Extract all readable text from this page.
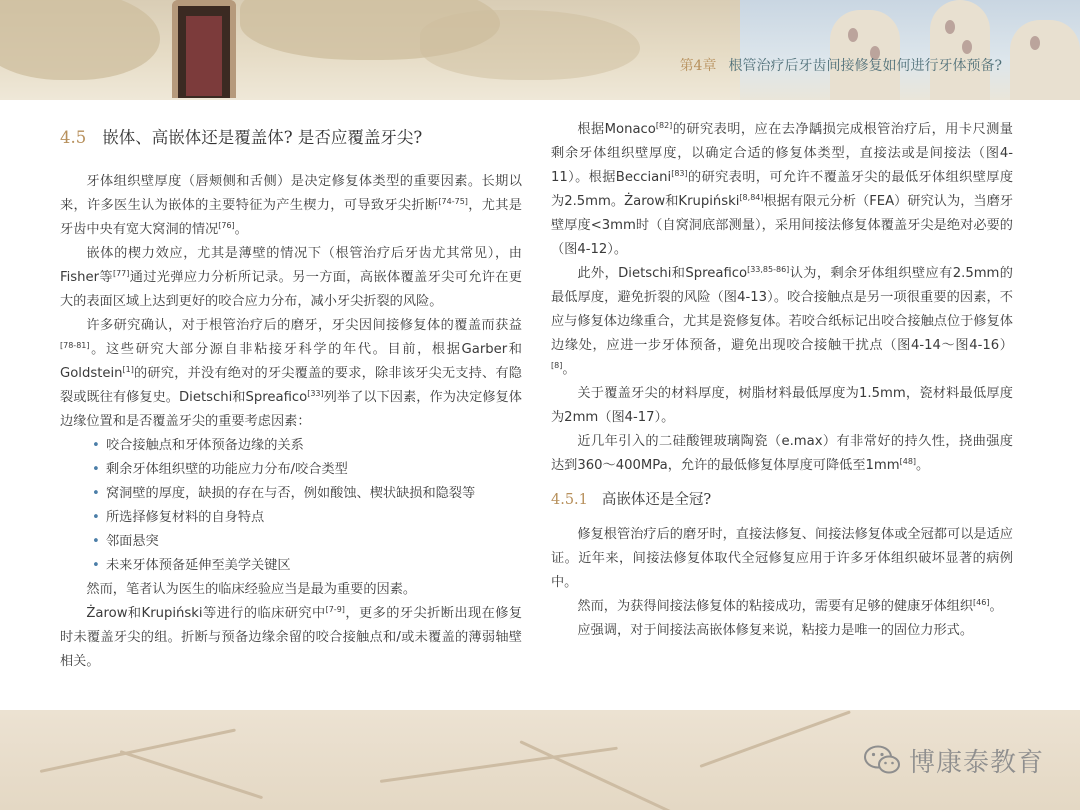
第4章 根管治疗后牙齿间接修复如何进行牙体预备?
4.5 嵌体、高嵌体还是覆盖体? 是否应覆盖牙尖?

牙体组织壁厚度（唇颊侧和舌侧）是决定修复体类型的重要因素。长期以来，许多医生认为嵌体的主要特征为产生楔力，可导致牙尖折断[74-75]，尤其是牙齿中央有宽大窝洞的情况[76]。

嵌体的楔力效应，尤其是薄壁的情况下（根管治疗后牙齿尤其常见），由Fisher等[77]通过光弹应力分析所记录。另一方面，高嵌体覆盖牙尖可允许在更大的表面区域上达到更好的咬合应力分布，减小牙尖折裂的风险。

许多研究确认，对于根管治疗后的磨牙，牙尖因间接修复体的覆盖而获益[78-81]。这些研究大部分源自非粘接牙科学的年代。目前，根据Garber和Goldstein[1]的研究，并没有绝对的牙尖覆盖的要求，除非该牙尖无支持、有隐裂或既往有修复史。Dietschi和Spreafico[33]列举了以下因素，作为决定修复体边缘位置和是否覆盖牙尖的重要考虑因素：

• 咬合接触点和牙体预备边缘的关系
• 剩余牙体组织壁的功能应力分布/咬合类型
• 窝洞壁的厚度，缺损的存在与否，例如酸蚀、楔状缺损和隐裂等
• 所选择修复材料的自身特点
• 邻面悬突
• 未来牙体预备延伸至美学关键区

然而，笔者认为医生的临床经验应当是最为重要的因素。

Żarow和Krupiński等进行的临床研究中[7-9]，更多的牙尖折断出现在修复时未覆盖牙尖的组。折断与预备边缘余留的咬合接触点和/或未覆盖的薄弱轴壁相关。

根据Monaco[82]的研究表明，应在去净龋损完成根管治疗后，用卡尺测量剩余牙体组织壁厚度，以确定合适的修复体类型，直接法或是间接法（图4-11）。根据Becciani[83]的研究表明，可允许不覆盖牙尖的最低牙体组织壁厚度为2.5mm。Żarow和Krupiński[8,84]根据有限元分析（FEA）研究认为，当磨牙壁厚度<3mm时（自窝洞底部测量），采用间接法修复体覆盖牙尖是绝对必要的（图4-12）。

此外，Dietschi和Spreafico[33,85-86]认为，剩余牙体组织壁应有2.5mm的最低厚度，避免折裂的风险（图4-13）。咬合接触点是另一项很重要的因素，不应与修复体边缘重合，尤其是瓷修复体。若咬合纸标记出咬合接触点位于修复体边缘处，应进一步牙体预备，避免出现咬合接触干扰点（图4-14～图4-16）[8]。

关于覆盖牙尖的材料厚度，树脂材料最低厚度为1.5mm，瓷材料最低厚度为2mm（图4-17）。

近几年引入的二硅酸锂玻璃陶瓷（e.max）有非常好的持久性，挠曲强度达到360～400MPa，允许的最低修复体厚度可降低至1mm[48]。

4.5.1 高嵌体还是全冠?

修复根管治疗后的磨牙时，直接法修复、间接法修复体或全冠都可以是适应证。近年来，间接法修复体取代全冠修复应用于许多牙体组织破坏显著的病例中。

然而，为获得间接法修复体的粘接成功，需要有足够的健康牙体组织[46]。

应强调，对于间接法高嵌体修复来说，粘接力是唯一的固位力形式。

博康泰教育
